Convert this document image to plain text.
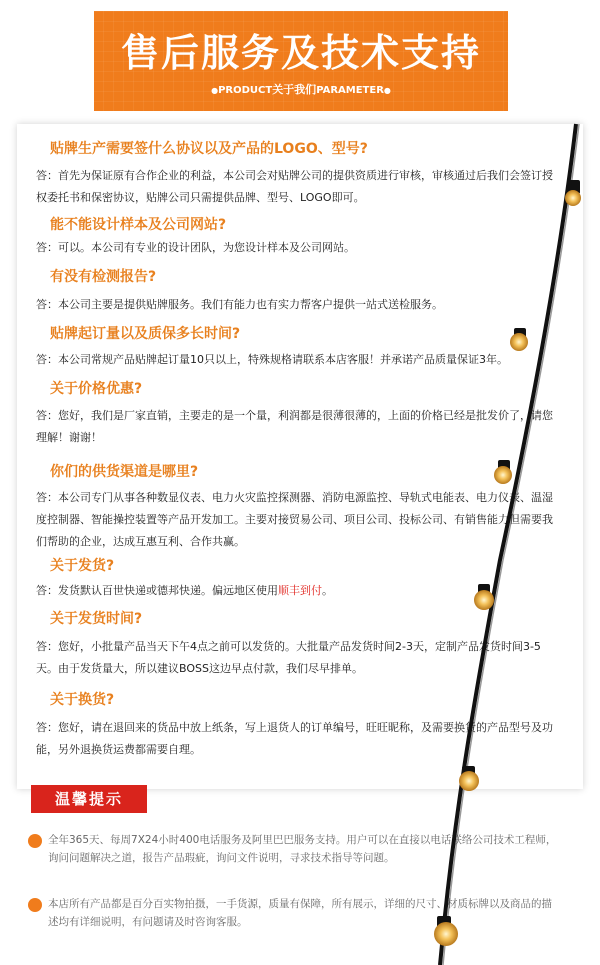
售后服务及技术支持
●PRODUCT关于我们PARAMETER●
贴牌生产需要签什么协议以及产品的LOGO、型号?
答：首先为保证原有合作企业的利益，本公司会对贴牌公司的提供资质进行审核，审核通过后我们会签订授权委托书和保密协议，贴牌公司只需提供品牌、型号、LOGO即可。
能不能设计样本及公司网站?
答：可以。本公司有专业的设计团队，为您设计样本及公司网站。
有没有检测报告?
答：本公司主要是提供贴牌服务。我们有能力也有实力帮客户提供一站式送检服务。
贴牌起订量以及质保多长时间?
答：本公司常规产品贴牌起订量10只以上，特殊规格请联系本店客服！并承诺产品质量保证3年。
关于价格优惠?
答：您好，我们是厂家直销，主要走的是一个量，利润都是很薄很薄的，上面的价格已经是批发价了，请您理解！谢谢！
你们的供货渠道是哪里?
答：本公司专门从事各种数显仪表、电力火灾监控探测器、消防电源监控、导轨式电能表、电力仪表、温湿度控制器、智能操控装置等产品开发加工。主要对接贸易公司、项目公司、投标公司、有销售能力但需要我们帮助的企业，达成互惠互利、合作共赢。
关于发货?
答：发货默认百世快递或德邦快递。偏远地区使用顺丰到付。
关于发货时间?
答：您好，小批量产品当天下午4点之前可以发货的。大批量产品发货时间2-3天，定制产品发货时间3-5天。由于发货量大，所以建议BOSS这边早点付款，我们尽早排单。
关于换货?
答：您好，请在退回来的货品中放上纸条，写上退货人的订单编号，旺旺昵称，及需要换货的产品型号及功能，另外退换货运费都需要自理。
温馨提示
全年365天、每周7X24小时400电话服务及阿里巴巴服务支持。用户可以在直接以电话联络公司技术工程师，询问问题解决之道，报告产品瑕疵，询问文件说明，寻求技术指导等问题。
本店所有产品都是百分百实物拍摄，一手货源，质量有保障，所有展示，详细的尺寸、材质标牌以及商品的描述均有详细说明，有问题请及时咨询客服。
